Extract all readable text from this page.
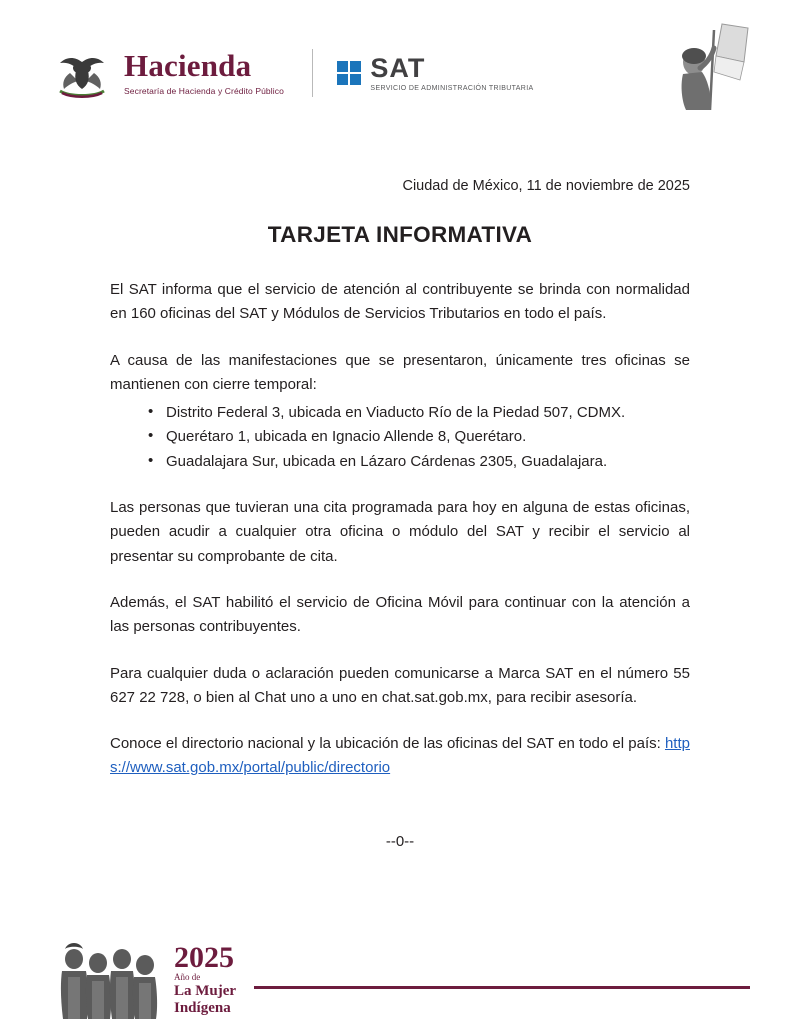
Hacienda
Secretaría de Hacienda y Crédito Público
SAT
SERVICIO DE ADMINISTRACIÓN TRIBUTARIA
Ciudad de México, 11 de noviembre de 2025
TARJETA INFORMATIVA

El SAT informa que el servicio de atención al contribuyente se brinda con normalidad en 160 oficinas del SAT y Módulos de Servicios Tributarios en todo el país.

A causa de las manifestaciones que se presentaron, únicamente tres oficinas se mantienen con cierre temporal:

• Distrito Federal 3, ubicada en Viaducto Río de la Piedad 507, CDMX.
• Querétaro 1, ubicada en Ignacio Allende 8, Querétaro.
• Guadalajara Sur, ubicada en Lázaro Cárdenas 2305, Guadalajara.

Las personas que tuvieran una cita programada para hoy en alguna de estas oficinas, pueden acudir a cualquier otra oficina o módulo del SAT y recibir el servicio al presentar su comprobante de cita.

Además, el SAT habilitó el servicio de Oficina Móvil para continuar con la atención a las personas contribuyentes.

Para cualquier duda o aclaración pueden comunicarse a Marca SAT en el número 55 627 22 728, o bien al Chat uno a uno en chat.sat.gob.mx, para recibir asesoría.

Conoce el directorio nacional y la ubicación de las oficinas del SAT en todo el país: https://www.sat.gob.mx/portal/public/directorio

--0--
2025
Año de
La Mujer
Indígena
